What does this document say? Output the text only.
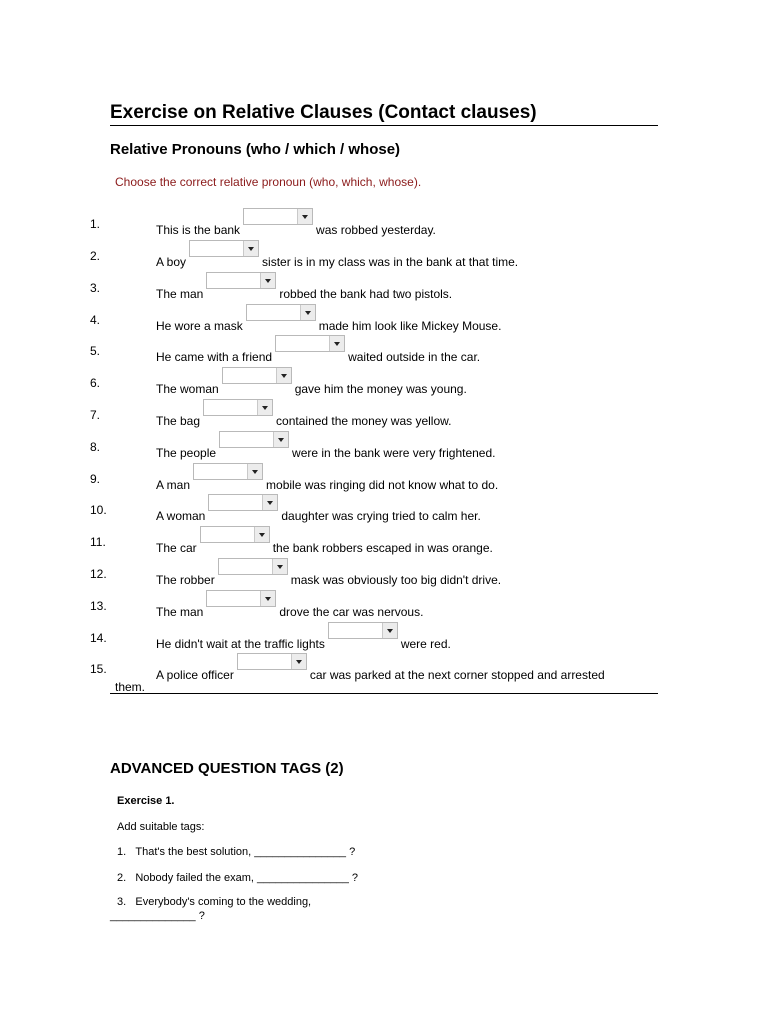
Exercise on Relative Clauses (Contact clauses)
Relative Pronouns (who / which / whose)
Choose the correct relative pronoun (who, which, whose).
1.	This is the bank	was robbed yesterday.
2.	A boy	sister is in my class was in the bank at that time.
3.	The man	robbed the bank had two pistols.
4.	He wore a mask	made him look like Mickey Mouse.
5.	He came with a friend	waited outside in the car.
6.	The woman	gave him the money was young.
7.	The bag	contained the money was yellow.
8.	The people	were in the bank were very frightened.
9.	A man	mobile was ringing did not know what to do.
10.	A woman	daughter was crying tried to calm her.
11.	The car	the bank robbers escaped in was orange.
12.	The robber	mask was obviously too big didn't drive.
13.	The man	drove the car was nervous.
14.	He didn't wait at the traffic lights	were red.
15.	A police officer	car was parked at the next corner stopped and arrested
them.
ADVANCED QUESTION TAGS (2)
Exercise 1.
Add suitable tags:
1. That's the best solution, _______________ ?
2. Nobody failed the exam, _______________ ?
3. Everybody's coming to the wedding,
______________ ?
